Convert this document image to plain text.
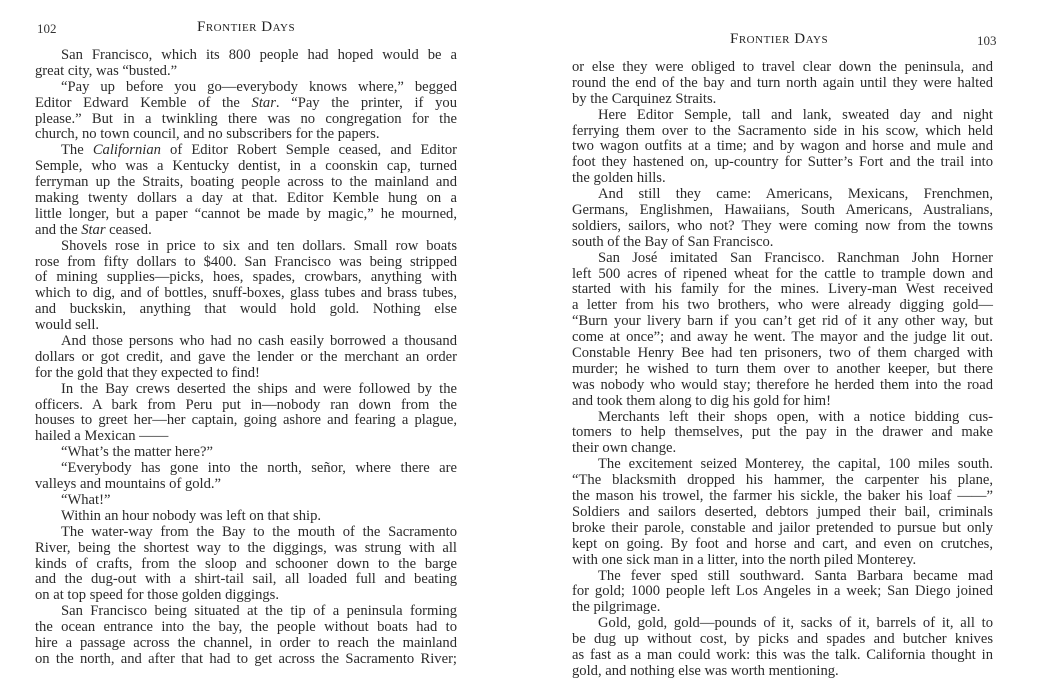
102	Frontier Days
San Francisco, which its 800 people had hoped would be a
great city, was “busted.”
“Pay up before you go—everybody knows where,” begged
Editor Edward Kemble of the Star. “Pay the printer, if you
please.” But in a twinkling there was no congregation for the
church, no town council, and no subscribers for the papers.
The Californian of Editor Robert Semple ceased, and Editor
Semple, who was a Kentucky dentist, in a coonskin cap, turned
ferryman up the Straits, boating people across to the mainland and
making twenty dollars a day at that. Editor Kemble hung on a
little longer, but a paper “cannot be made by magic,” he mourned,
and the Star ceased.
Shovels rose in price to six and ten dollars. Small row boats
rose from fifty dollars to $400. San Francisco was being stripped
of mining supplies—picks, hoes, spades, crowbars, anything with
which to dig, and of bottles, snuff-boxes, glass tubes and brass tubes,
and buckskin, anything that would hold gold. Nothing else
would sell.
And those persons who had no cash easily borrowed a thousand
dollars or got credit, and gave the lender or the merchant an order
for the gold that they expected to find!
In the Bay crews deserted the ships and were followed by the
officers. A bark from Peru put in—nobody ran down from the
houses to greet her—her captain, going ashore and fearing a plague,
hailed a Mexican ——
“What’s the matter here?”
“Everybody has gone into the north, señor, where there are
valleys and mountains of gold.”
“What!”
Within an hour nobody was left on that ship.
The water-way from the Bay to the mouth of the Sacramento
River, being the shortest way to the diggings, was strung with all
kinds of crafts, from the sloop and schooner down to the barge
and the dug-out with a shirt-tail sail, all loaded full and beating
on at top speed for those golden diggings.
San Francisco being situated at the tip of a peninsula forming
the ocean entrance into the bay, the people without boats had to
hire a passage across the channel, in order to reach the mainland
on the north, and after that had to get across the Sacramento River;
Frontier Days	103
or else they were obliged to travel clear down the peninsula, and
round the end of the bay and turn north again until they were halted
by the Carquinez Straits.
Here Editor Semple, tall and lank, sweated day and night
ferrying them over to the Sacramento side in his scow, which held
two wagon outfits at a time; and by wagon and horse and mule and
foot they hastened on, up-country for Sutter’s Fort and the trail into
the golden hills.
And still they came: Americans, Mexicans, Frenchmen,
Germans, Englishmen, Hawaiians, South Americans, Australians,
soldiers, sailors, who not? They were coming now from the towns
south of the Bay of San Francisco.
San José imitated San Francisco. Ranchman John Horner
left 500 acres of ripened wheat for the cattle to trample down and
started with his family for the mines. Livery-man West received
a letter from his two brothers, who were already digging gold—
“Burn your livery barn if you can’t get rid of it any other way, but
come at once”; and away he went. The mayor and the judge lit out.
Constable Henry Bee had ten prisoners, two of them charged with
murder; he wished to turn them over to another keeper, but there
was nobody who would stay; therefore he herded them into the road
and took them along to dig his gold for him!
Merchants left their shops open, with a notice bidding cus-
tomers to help themselves, put the pay in the drawer and make
their own change.
The excitement seized Monterey, the capital, 100 miles south.
“The blacksmith dropped his hammer, the carpenter his plane,
the mason his trowel, the farmer his sickle, the baker his loaf ——”
Soldiers and sailors deserted, debtors jumped their bail, criminals
broke their parole, constable and jailor pretended to pursue but only
kept on going. By foot and horse and cart, and even on crutches,
with one sick man in a litter, into the north piled Monterey.
The fever sped still southward. Santa Barbara became mad
for gold; 1000 people left Los Angeles in a week; San Diego joined
the pilgrimage.
Gold, gold, gold—pounds of it, sacks of it, barrels of it, all to
be dug up without cost, by picks and spades and butcher knives
as fast as a man could work: this was the talk. California thought in
gold, and nothing else was worth mentioning.
